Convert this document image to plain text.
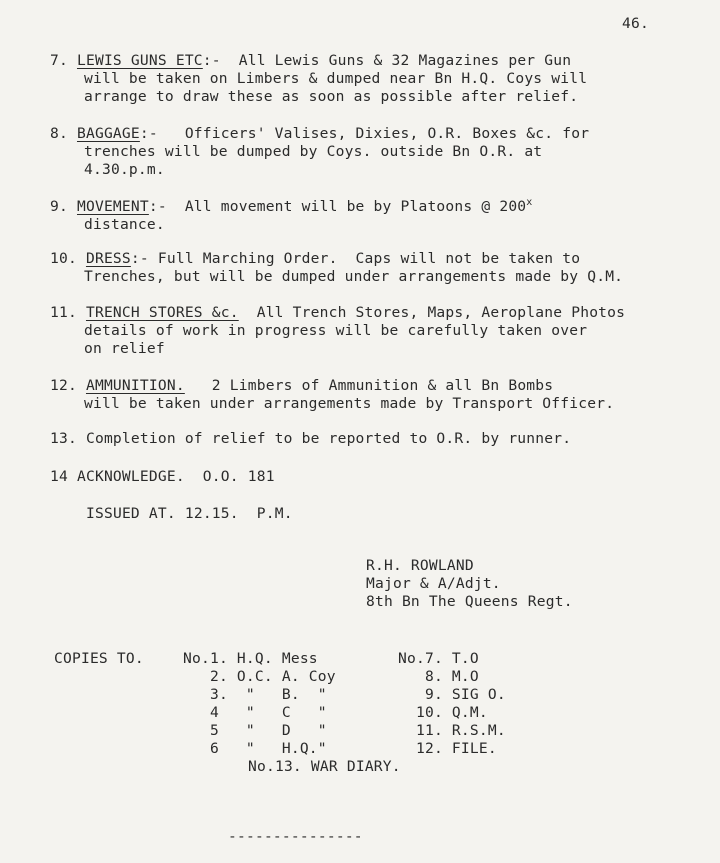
46.
7. LEWIS GUNS ETC:-  All Lewis Guns & 32 Magazines per Gun
will be taken on Limbers & dumped near Bn H.Q. Coys will
arrange to draw these as soon as possible after relief.
8. BAGGAGE:-   Officers' Valises, Dixies, O.R. Boxes &c. for
trenches will be dumped by Coys. outside Bn O.R. at
4.30.p.m.
9. MOVEMENT:-  All movement will be by Platoons @ 200$^x$
distance.
10. DRESS:- Full Marching Order.  Caps will not be taken to
Trenches, but will be dumped under arrangements made by Q.M.
11. TRENCH STORES &c.  All Trench Stores, Maps, Aeroplane Photos
details of work in progress will be carefully taken over
on relief
12. AMMUNITION.   2 Limbers of Ammunition & all Bn Bombs
will be taken under arrangements made by Transport Officer.
13. Completion of relief to be reported to O.R. by runner.
14 ACKNOWLEDGE.  O.O. 181
ISSUED AT. 12.15.  P.M.
R.H. ROWLAND
Major & A/Adjt.
8th Bn The Queens Regt.
COPIES TO.	No.1. H.Q. Mess	No.7. T.O
2. O.C. A. Coy	8. M.O
3.  "   B.  "	9. SIG O.
4   "   C   "	10. Q.M.
5   "   D   "	11. R.S.M.
6   "   H.Q."	12. FILE.
No.13. WAR DIARY.
---------------
